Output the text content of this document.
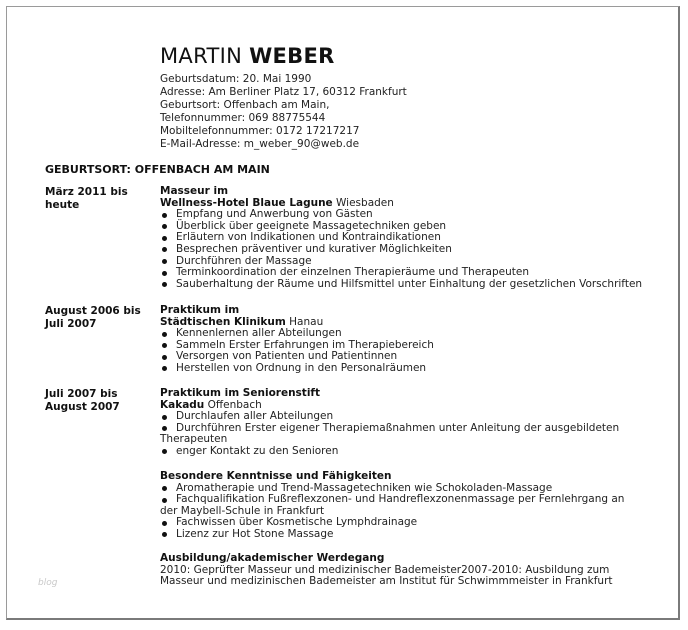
MARTIN WEBER
Geburtsdatum: 20. Mai 1990
Adresse: Am Berliner Platz 17, 60312 Frankfurt
Geburtsort: Offenbach am Main,
Telefonnummer: 069 88775544
Mobiltelefonnummer: 0172 17217217
E-Mail-Adresse: m_weber_90@web.de
GEBURTSORT: OFFENBACH AM MAIN
März 2011 bis heute
Masseur im
Wellness-Hotel Blaue Lagune Wiesbaden
Empfang und Anwerbung von Gästen
Überblick über geeignete Massagetechniken geben
Erläutern von Indikationen und Kontraindikationen
Besprechen präventiver und kurativer Möglichkeiten
Durchführen der Massage
Terminkoordination der einzelnen Therapieräume und Therapeuten
Sauberhaltung der Räume und Hilfsmittel unter Einhaltung der gesetzlichen Vorschriften
August 2006 bis Juli 2007
Praktikum im
Städtischen Klinikum Hanau
Kennenlernen aller Abteilungen
Sammeln Erster Erfahrungen im Therapiebereich
Versorgen von Patienten und Patientinnen
Herstellen von Ordnung in den Personalräumen
Juli 2007 bis August 2007
Praktikum im Seniorenstift
Kakadu Offenbach
Durchlaufen aller Abteilungen
Durchführen Erster eigener Therapiemaßnahmen unter Anleitung der ausgebildeten Therapeuten
enger Kontakt zu den Senioren
Besondere Kenntnisse und Fähigkeiten
Aromatherapie und Trend-Massagetechniken wie Schokoladen-Massage
Fachqualifikation Fußreflexzonen- und Handreflexzonenmassage per Fernlehrgang an der Maybell-Schule in Frankfurt
Fachwissen über Kosmetische Lymphdrainage
Lizenz zur Hot Stone Massage
Ausbildung/akademischer Werdegang
2010: Geprüfter Masseur und medizinischer Bademeister2007-2010: Ausbildung zum Masseur und medizinischen Bademeister am Institut für Schwimmmeister in Frankfurt
blog
